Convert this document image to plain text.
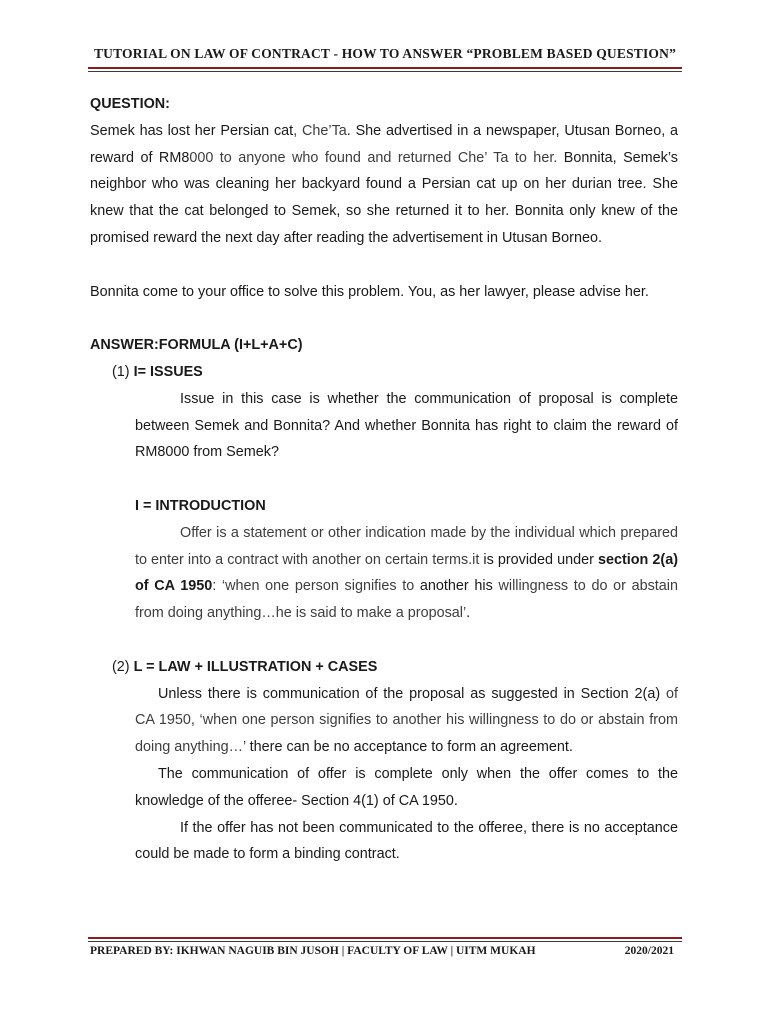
TUTORIAL ON LAW OF CONTRACT - HOW TO ANSWER “PROBLEM BASED QUESTION”

QUESTION:

Semek has lost her Persian cat, Che’Ta. She advertised in a newspaper, Utusan Borneo, a reward of RM8000 to anyone who found and returned Che’ Ta to her. Bonnita, Semek’s neighbor who was cleaning her backyard found a Persian cat up on her durian tree. She knew that the cat belonged to Semek, so she returned it to her. Bonnita only knew of the promised reward the next day after reading the advertisement in Utusan Borneo.

Bonnita come to your office to solve this problem. You, as her lawyer, please advise her.

ANSWER:FORMULA (I+L+A+C)

(1) I= ISSUES

Issue in this case is whether the communication of proposal is complete between Semek and Bonnita? And whether Bonnita has right to claim the reward of RM8000 from Semek?

I = INTRODUCTION

Offer is a statement or other indication made by the individual which prepared to enter into a contract with another on certain terms.it is provided under section 2(a) of CA 1950: ‘when one person signifies to another his willingness to do or abstain from doing anything…he is said to make a proposal’.

(2) L = LAW + ILLUSTRATION + CASES

Unless there is communication of the proposal as suggested in Section 2(a) of CA 1950, ‘when one person signifies to another his willingness to do or abstain from doing anything…’ there can be no acceptance to form an agreement.

The communication of offer is complete only when the offer comes to the knowledge of the offeree- Section 4(1) of CA 1950.

If the offer has not been communicated to the offeree, there is no acceptance could be made to form a binding contract.

PREPARED BY: IKHWAN NAGUIB BIN JUSOH | FACULTY OF LAW | UITM MUKAH	2020/2021
